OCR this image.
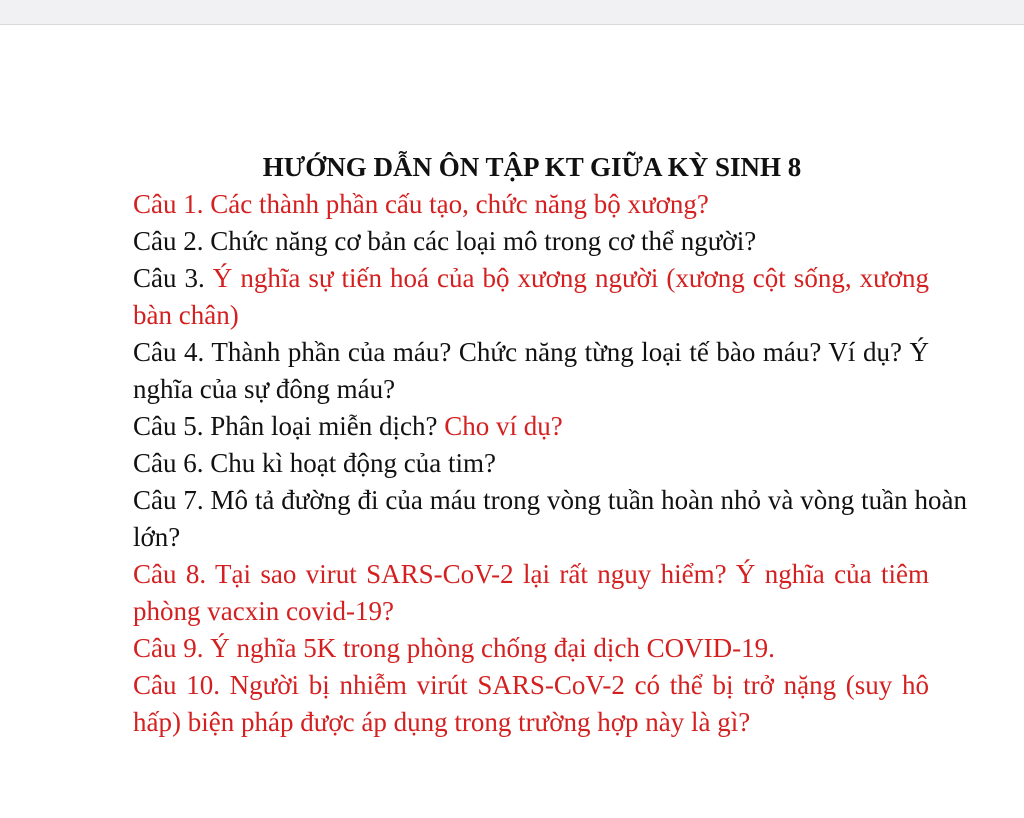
HƯỚNG DẪN ÔN TẬP KT GIỮA KỲ SINH 8
Câu 1. Các thành phần cấu tạo, chức năng bộ xương?
Câu 2. Chức năng cơ bản các loại mô trong cơ thể người?
Câu 3. Ý nghĩa sự tiến hoá của bộ xương người (xương cột sống, xương bàn chân)
Câu 4. Thành phần của máu? Chức năng từng loại tế bào máu? Ví dụ? Ý nghĩa của sự đông máu?
Câu 5. Phân loại miễn dịch? Cho ví dụ?
Câu 6. Chu kì hoạt động của tim?
Câu 7. Mô tả đường đi của máu trong vòng tuần hoàn nhỏ và vòng tuần hoàn lớn?
Câu 8. Tại sao virut SARS-CoV-2 lại rất nguy hiểm? Ý nghĩa của tiêm phòng vacxin covid-19?
Câu 9. Ý nghĩa 5K trong phòng chống đại dịch COVID-19.
Câu 10. Người bị nhiễm virút SARS-CoV-2 có thể bị trở nặng (suy hô hấp) biện pháp được áp dụng trong trường hợp này là gì?
